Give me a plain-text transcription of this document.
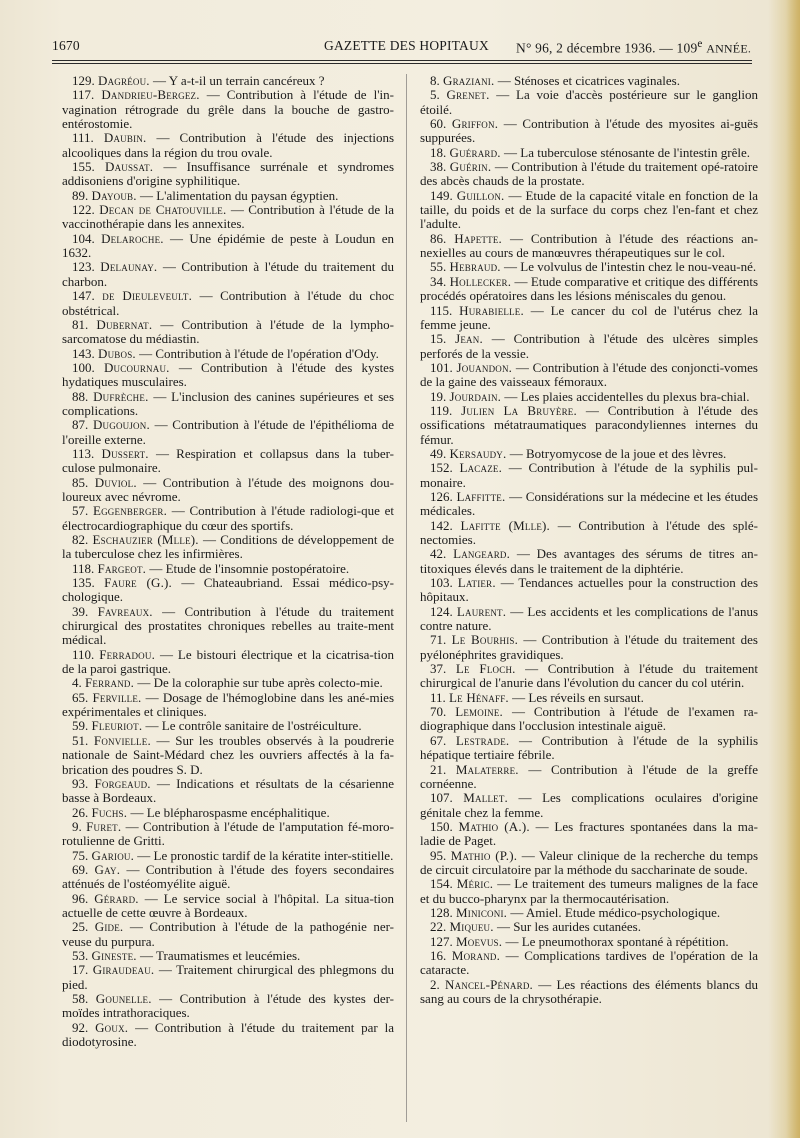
1670	GAZETTE DES HOPITAUX N° 96, 2 décembre 1936. — 109e ANNÉE.

129. Dagréou. — Y a-t-il un terrain cancéreux ?

117. Dandrieu-Bergez. — Contribution à l'étude de l'in-vagination rétrograde du grêle dans la bouche de gastro-entérostomie.

111. Daubin. — Contribution à l'étude des injections alcooliques dans la région du trou ovale.

155. Daussat. — Insuffisance surrénale et syndromes addisoniens d'origine syphilitique.

89. Dayoub. — L'alimentation du paysan égyptien.

122. Decan de Chatouville. — Contribution à l'étude de la vaccinothérapie dans les annexites.

104. Delaroche. — Une épidémie de peste à Loudun en 1632.

123. Delaunay. — Contribution à l'étude du traitement du charbon.

147. de Dieuleveult. — Contribution à l'étude du choc obstétrical.

81. Dubernat. — Contribution à l'étude de la lympho-sarcomatose du médiastin.

143. Dubos. — Contribution à l'étude de l'opération d'Ody.

100. Ducournau. — Contribution à l'étude des kystes hydatiques musculaires.

88. Dufrèche. — L'inclusion des canines supérieures et ses complications.

87. Dugoujon. — Contribution à l'étude de l'épithélioma de l'oreille externe.

113. Dussert. — Respiration et collapsus dans la tuber-culose pulmonaire.

85. Duviol. — Contribution à l'étude des moignons dou-loureux avec névrome.

57. Eggenberger. — Contribution à l'étude radiologi-que et électrocardiographique du cœur des sportifs.

82. Eschauzier (Mlle). — Conditions de développement de la tuberculose chez les infirmières.

118. Fargeot. — Etude de l'insomnie postopératoire.

135. Faure (G.). — Chateaubriand. Essai médico-psy-chologique.

39. Favreaux. — Contribution à l'étude du traitement chirurgical des prostatites chroniques rebelles au traite-ment médical.

110. Ferradou. — Le bistouri électrique et la cicatrisa-tion de la paroi gastrique.

4. Ferrand. — De la coloraphie sur tube après colecto-mie.

65. Ferville. — Dosage de l'hémoglobine dans les ané-mies expérimentales et cliniques.

59. Fleuriot. — Le contrôle sanitaire de l'ostréiculture.

51. Fonvielle. — Sur les troubles observés à la poudrerie nationale de Saint-Médard chez les ouvriers affectés à la fa-brication des poudres S. D.

93. Forgeaud. — Indications et résultats de la césarienne basse à Bordeaux.

26. Fuchs. — Le blépharospasme encéphalitique.

9. Furet. — Contribution à l'étude de l'amputation fé-moro-rotulienne de Gritti.

75. Gariou. — Le pronostic tardif de la kératite inter-stitielle.

69. Gay. — Contribution à l'étude des foyers secondaires atténués de l'ostéomyélite aiguë.

96. Gérard. — Le service social à l'hôpital. La situa-tion actuelle de cette œuvre à Bordeaux.

25. Gide. — Contribution à l'étude de la pathogénie ner-veuse du purpura.

53. Gineste. — Traumatismes et leucémies.

17. Giraudeau. — Traitement chirurgical des phlegmons du pied.

58. Gounelle. — Contribution à l'étude des kystes der-moïdes intrathoraciques.

92. Goux. — Contribution à l'étude du traitement par la diodotyrosine.

8. Graziani. — Sténoses et cicatrices vaginales.

5. Grenet. — La voie d'accès postérieure sur le ganglion étoilé.

60. Griffon. — Contribution à l'étude des myosites ai-guës suppurées.

18. Guérard. — La tuberculose sténosante de l'intestin grêle.

38. Guérin. — Contribution à l'étude du traitement opé-ratoire des abcès chauds de la prostate.

149. Guillon. — Etude de la capacité vitale en fonction de la taille, du poids et de la surface du corps chez l'en-fant et chez l'adulte.

86. Hapette. — Contribution à l'étude des réactions an-nexielles au cours de manœuvres thérapeutiques sur le col.

55. Hebraud. — Le volvulus de l'intestin chez le nou-veau-né.

34. Hollecker. — Etude comparative et critique des différents procédés opératoires dans les lésions méniscales du genou.

115. Hurabielle. — Le cancer du col de l'utérus chez la femme jeune.

15. Jean. — Contribution à l'étude des ulcères simples perforés de la vessie.

101. Jouandon. — Contribution à l'étude des conjoncti-vomes de la gaine des vaisseaux fémoraux.

19. Jourdain. — Les plaies accidentelles du plexus bra-chial.

119. Julien La Bruyère. — Contribution à l'étude des ossifications métatraumatiques paracondyliennes internes du fémur.

49. Kersaudy. — Botryomycose de la joue et des lèvres.

152. Lacaze. — Contribution à l'étude de la syphilis pul-monaire.

126. Laffitte. — Considérations sur la médecine et les études médicales.

142. Lafitte (Mlle). — Contribution à l'étude des splé-nectomies.

42. Langeard. — Des avantages des sérums de titres an-titoxiques élevés dans le traitement de la diphtérie.

103. Latier. — Tendances actuelles pour la construction des hôpitaux.

124. Laurent. — Les accidents et les complications de l'anus contre nature.

71. Le Bourhis. — Contribution à l'étude du traitement des pyélonéphrites gravidiques.

37. Le Floch. — Contribution à l'étude du traitement chirurgical de l'anurie dans l'évolution du cancer du col utérin.

11. Le Hénaff. — Les réveils en sursaut.

70. Lemoine. — Contribution à l'étude de l'examen ra-diographique dans l'occlusion intestinale aiguë.

67. Lestrade. — Contribution à l'étude de la syphilis hépatique tertiaire fébrile.

21. Malaterre. — Contribution à l'étude de la greffe cornéenne.

107. Mallet. — Les complications oculaires d'origine génitale chez la femme.

150. Mathio (A.). — Les fractures spontanées dans la ma-ladie de Paget.

95. Mathio (P.). — Valeur clinique de la recherche du temps de circuit circulatoire par la méthode du saccharinate de soude.

154. Méric. — Le traitement des tumeurs malignes de la face et du bucco-pharynx par la thermocautérisation.

128. Miniconi. — Amiel. Etude médico-psychologique.

22. Miqueu. — Sur les aurides cutanées.

127. Moevus. — Le pneumothorax spontané à répétition.

16. Morand. — Complications tardives de l'opération de la cataracte.

2. Nancel-Pénard. — Les réactions des éléments blancs du sang au cours de la chrysothérapie.
